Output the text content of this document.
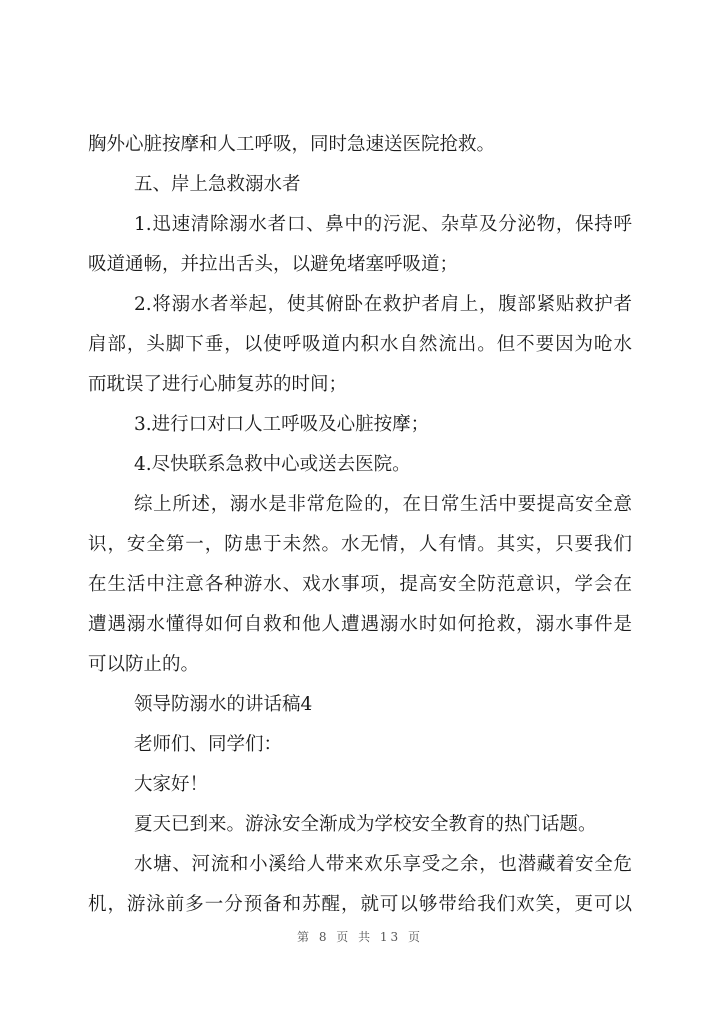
胸外心脏按摩和人工呼吸，同时急速送医院抢救。
五、岸上急救溺水者
1.迅速清除溺水者口、鼻中的污泥、杂草及分泌物，保持呼
吸道通畅，并拉出舌头，以避免堵塞呼吸道；
2.将溺水者举起，使其俯卧在救护者肩上，腹部紧贴救护者
肩部，头脚下垂，以使呼吸道内积水自然流出。但不要因为呛水
而耽误了进行心肺复苏的时间；
3.进行口对口人工呼吸及心脏按摩；
4.尽快联系急救中心或送去医院。
综上所述，溺水是非常危险的，在日常生活中要提高安全意
识，安全第一，防患于未然。水无情，人有情。其实，只要我们
在生活中注意各种游水、戏水事项，提高安全防范意识，学会在
遭遇溺水懂得如何自救和他人遭遇溺水时如何抢救，溺水事件是
可以防止的。
领导防溺水的讲话稿4
老师们、同学们：
大家好！
夏天已到来。游泳安全渐成为学校安全教育的热门话题。
水塘、河流和小溪给人带来欢乐享受之余，也潜藏着安全危
机，游泳前多一分预备和苏醒，就可以够带给我们欢笑，更可以
第 8 页 共 13 页
